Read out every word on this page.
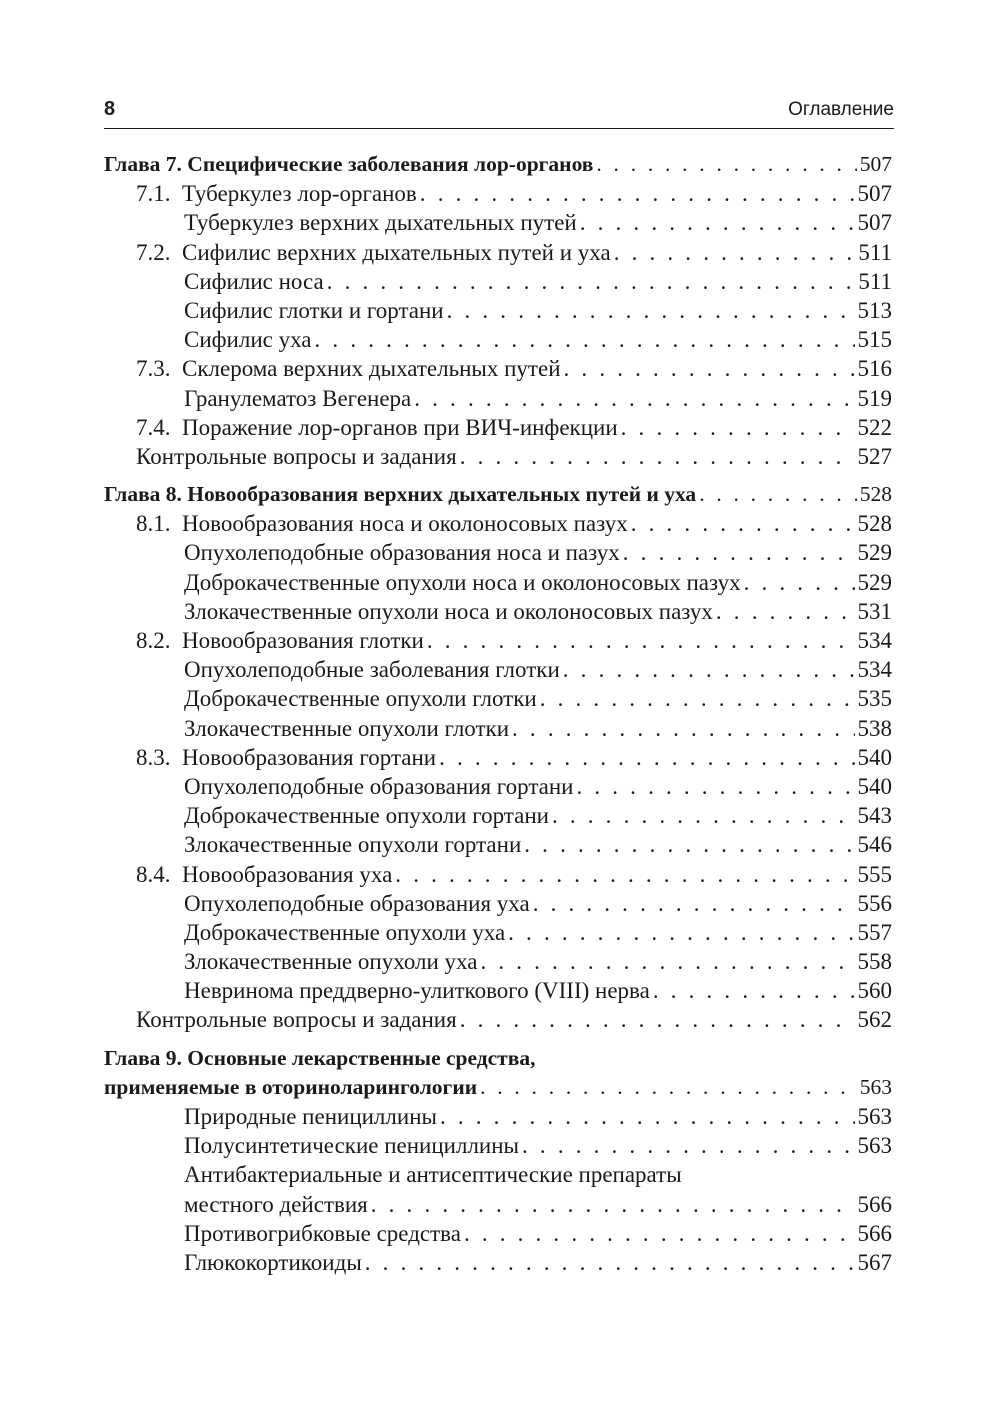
8	Оглавление
Глава 7. Специфические заболевания лор-органов . . .	507
7.1. Туберкулез лор-органов . . .	507
Туберкулез верхних дыхательных путей . . .	507
7.2. Сифилис верхних дыхательных путей и уха . . .	511
Сифилис носа . . .	511
Сифилис глотки и гортани . . .	513
Сифилис уха . . .	515
7.3. Склерома верхних дыхательных путей . . .	516
Гранулематоз Вегенера . . .	519
7.4. Поражение лор-органов при ВИЧ-инфекции . . .	522
Контрольные вопросы и задания . . .	527
Глава 8. Новообразования верхних дыхательных путей и уха . . .	528
8.1. Новообразования носа и околоносовых пазух . . .	528
Опухолеподобные образования носа и пазух . . .	529
Доброкачественные опухоли носа и околоносовых пазух . . .	529
Злокачественные опухоли носа и околоносовых пазух . . .	531
8.2. Новообразования глотки . . .	534
Опухолеподобные заболевания глотки . . .	534
Доброкачественные опухоли глотки . . .	535
Злокачественные опухоли глотки . . .	538
8.3. Новообразования гортани . . .	540
Опухолеподобные образования гортани . . .	540
Доброкачественные опухоли гортани . . .	543
Злокачественные опухоли гортани . . .	546
8.4. Новообразования уха . . .	555
Опухолеподобные образования уха . . .	556
Доброкачественные опухоли уха . . .	557
Злокачественные опухоли уха . . .	558
Невринома преддверно-улиткового (VIII) нерва . . .	560
Контрольные вопросы и задания . . .	562
Глава 9. Основные лекарственные средства,
применяемые в оториноларингологии . . .	563
Природные пенициллины . . .	563
Полусинтетические пенициллины . . .	563
Антибактериальные и антисептические препараты
местного действия . . .	566
Противогрибковые средства . . .	566
Глюкокортикоиды . . .	567
